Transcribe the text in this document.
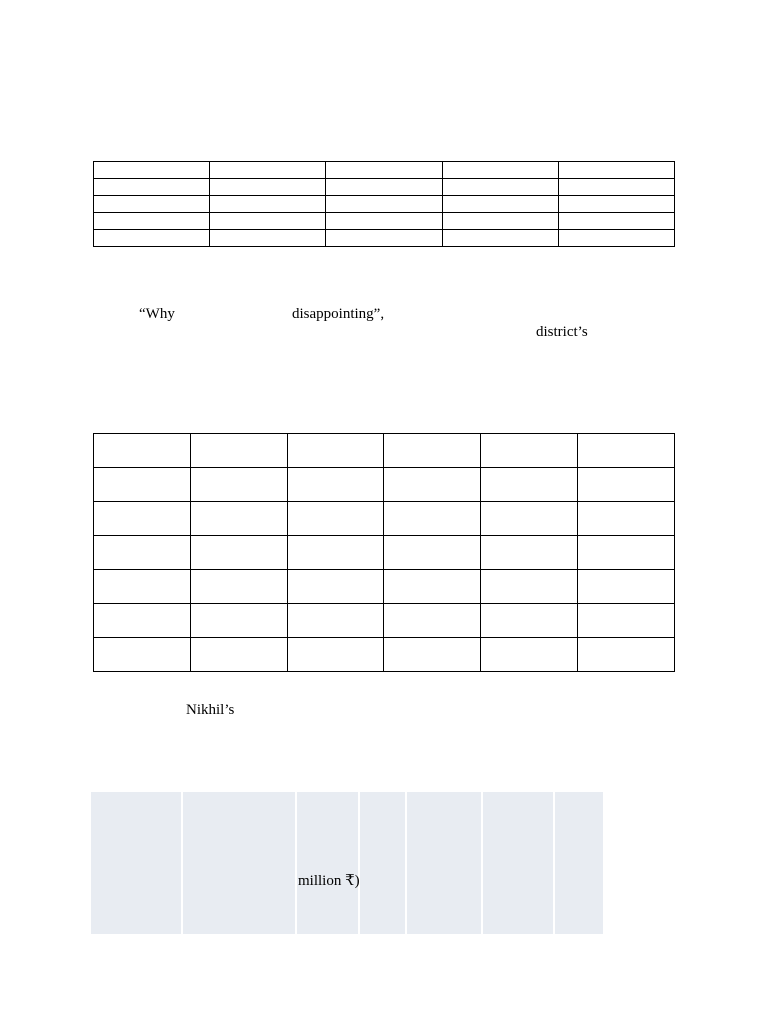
“Why	disappointing”,
district’s

Nikhil’s
million ₹)
